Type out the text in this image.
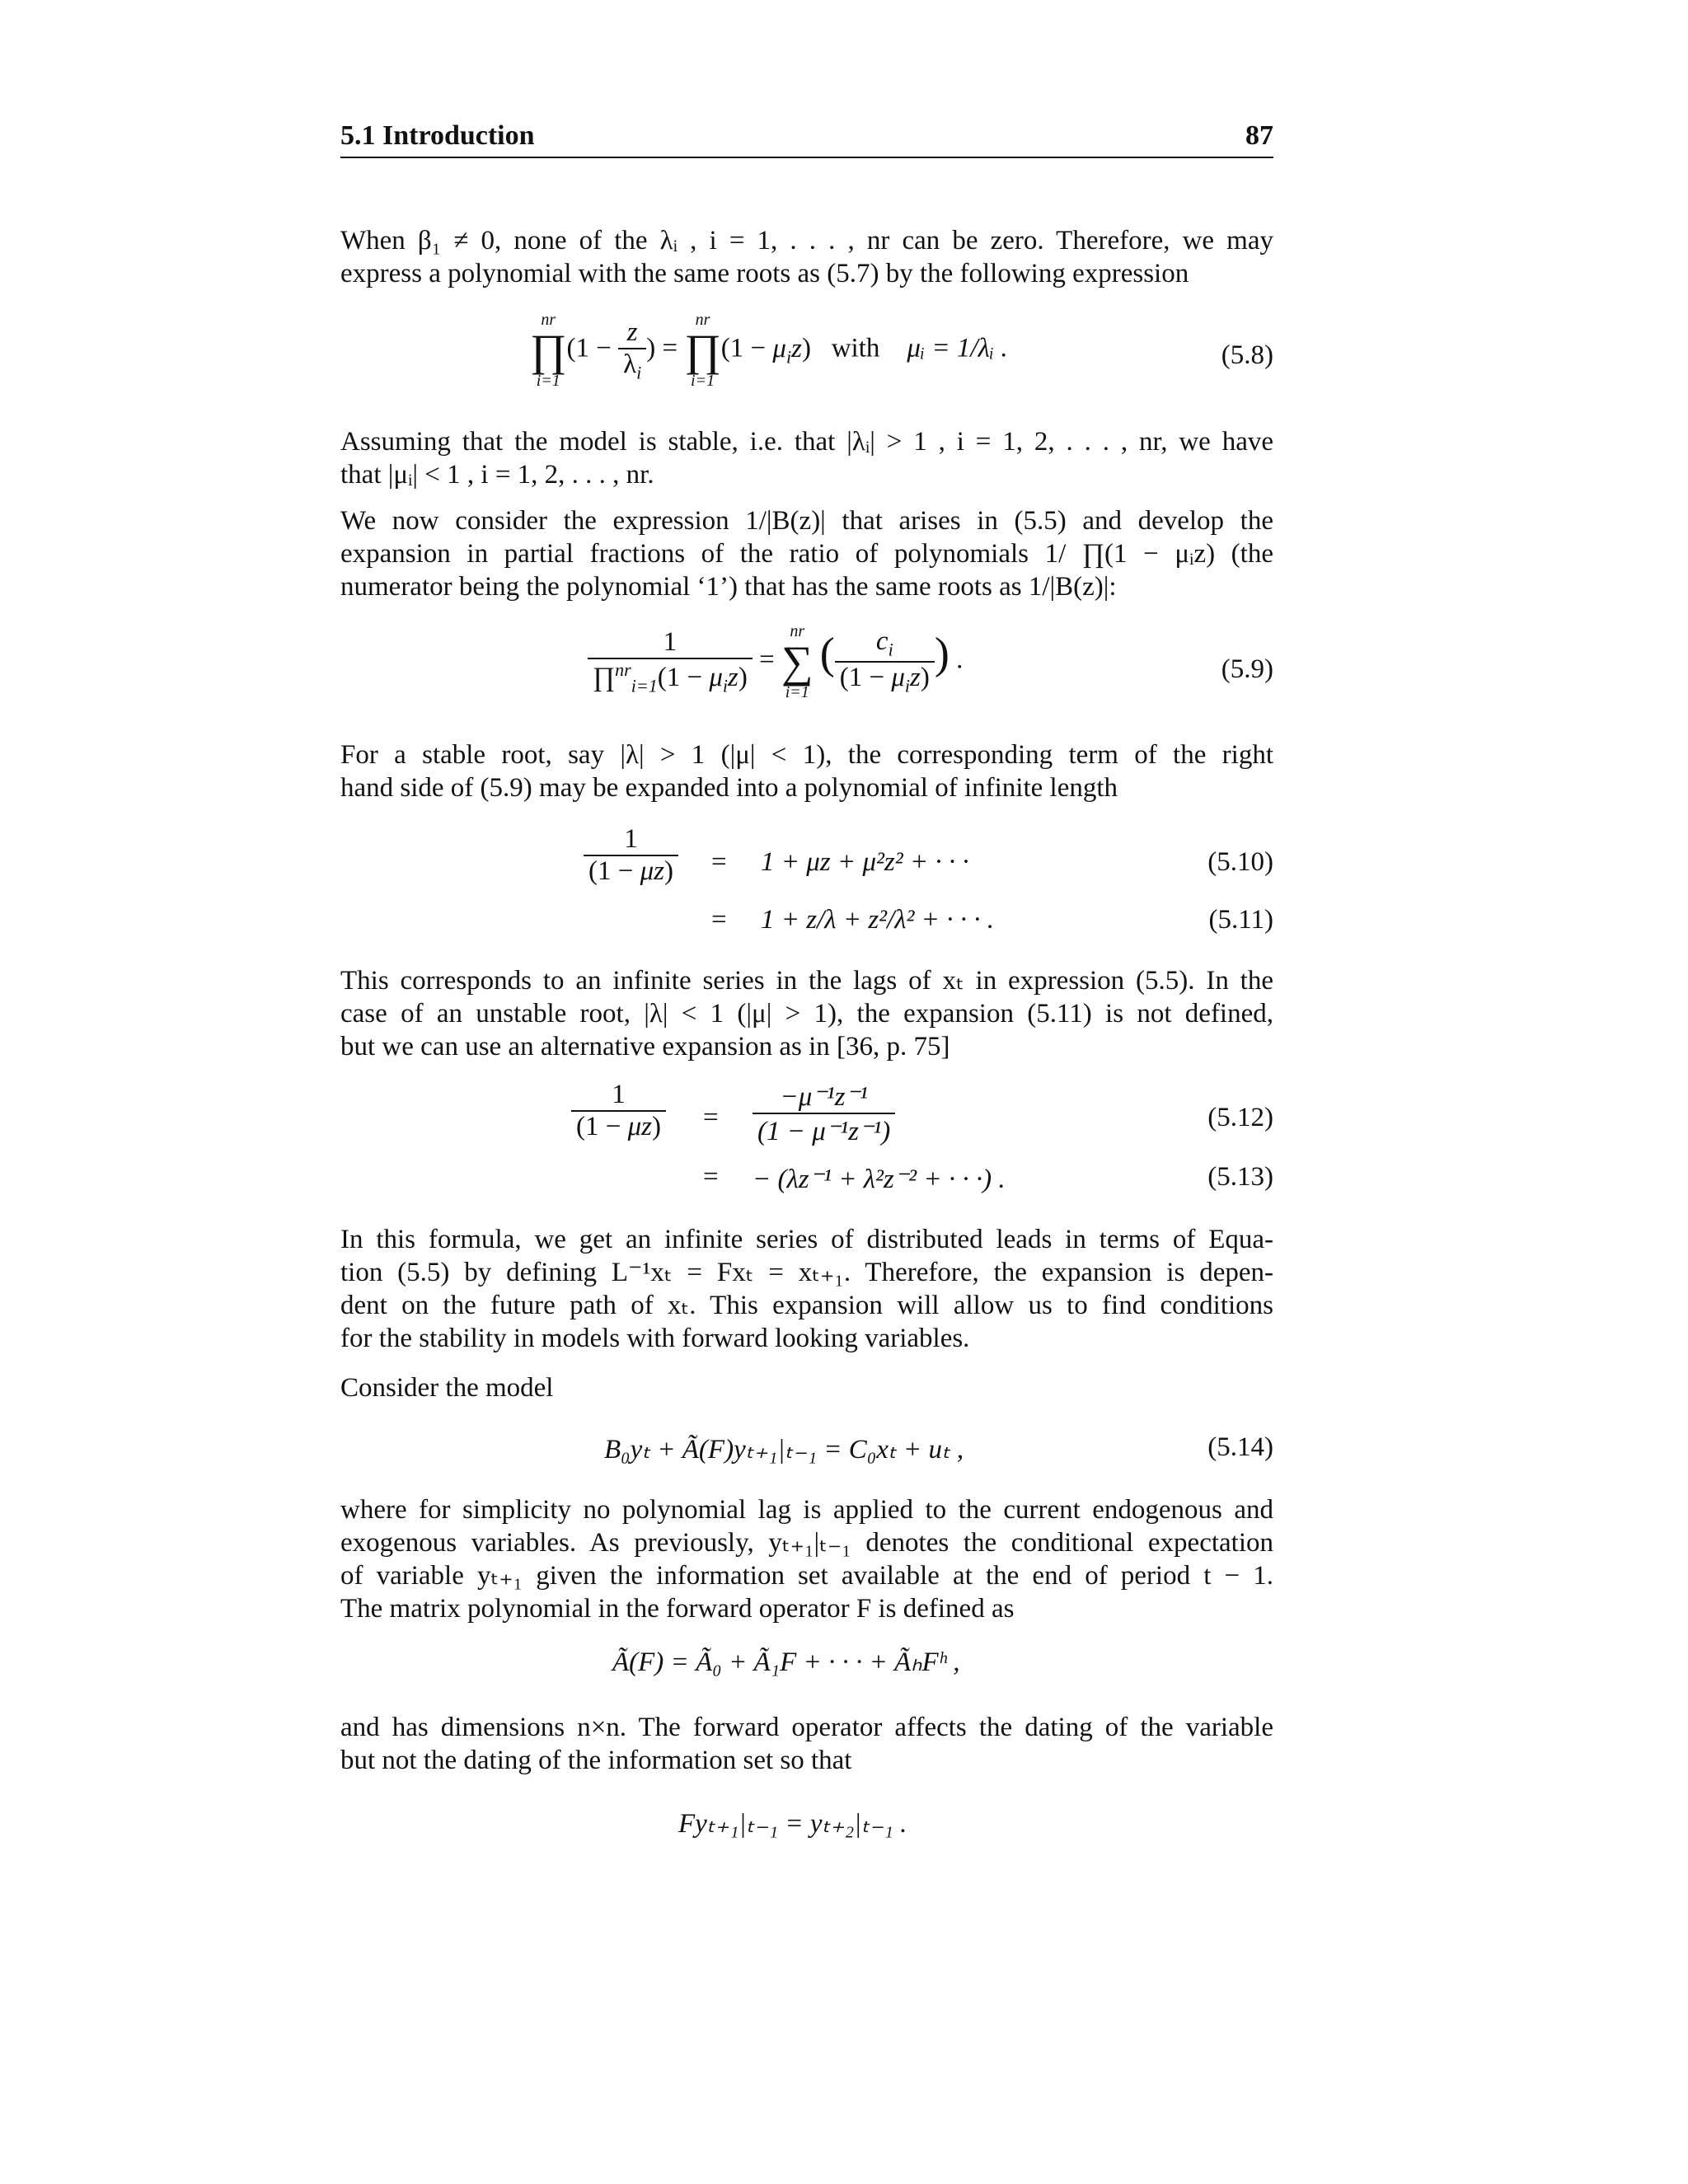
5.1 Introduction	87
When β₁ ≠ 0, none of the λᵢ , i = 1, . . . , nr can be zero. Therefore, we may
express a polynomial with the same roots as (5.7) by the following expression
nr
∏
i=1
($1 - \frac{z}{\lambda_i}$ ) =
nr
∏
i=1
$(1 - \mu_iz)$   with μᵢ = 1/λᵢ .	(5.8)
Assuming that the model is stable, i.e. that |λᵢ| > 1 , i = 1, 2, . . . , nr, we have
that |μᵢ| < 1 , i = 1, 2, . . . , nr.
We now consider the expression 1/|B(z)| that arises in (5.5) and develop the
expansion in partial fractions of the ratio of polynomials 1/ ∏(1 − μᵢz) (the
numerator being the polynomial ‘1’) that has the same roots as 1/|B(z)|:
$\frac{1}{\prod^{nr}_{i=1}(1 - \mu_iz)}$ =
nr
∑
i=1
( $\frac{c_i}{(1 - \mu_iz)}$ ) .	(5.9)
For a stable root, say |λ| > 1 (|μ| < 1), the corresponding term of the right
hand side of (5.9) may be expanded into a polynomial of infinite length
$\frac{1}{(1 - \mu z)} = 1 + \mu z + \mu^2z^2$ + · · ·	(5.10)
= 1 + z/λ + z²/λ² + · · · .	(5.11)
This corresponds to an infinite series in the lags of xₜ in expression (5.5). In the
case of an unstable root, |λ| < 1 (|μ| > 1), the expansion (5.11) is not defined,
but we can use an alternative expansion as in [36, p. 75]
$\frac{1}{(1 - \mu z)} = \frac{\text{−μ⁻¹z⁻¹}}{\text{(1 − μ⁻¹z⁻¹)}}$	(5.12)
= − (λz⁻¹ + λ²z⁻² + · · ·) .	(5.13)
In this formula, we get an infinite series of distributed leads in terms of Equa-
tion (5.5) by defining L⁻¹xₜ = Fxₜ = xₜ₊₁. Therefore, the expansion is depen-
dent on the future path of xₜ. This expansion will allow us to find conditions
for the stability in models with forward looking variables.
Consider the model
B₀yₜ + Ã(F)yₜ₊₁|ₜ₋₁ = C₀xₜ + uₜ ,	(5.14)
where for simplicity no polynomial lag is applied to the current endogenous and
exogenous variables. As previously, yₜ₊₁|ₜ₋₁ denotes the conditional expectation
of variable yₜ₊₁ given the information set available at the end of period t − 1.
The matrix polynomial in the forward operator F is defined as
Ã(F) = Ã₀ + Ã₁F + · · · + ÃₕFʰ ,
and has dimensions n×n. The forward operator affects the dating of the variable
but not the dating of the information set so that
Fyₜ₊₁|ₜ₋₁ = yₜ₊₂|ₜ₋₁ .
